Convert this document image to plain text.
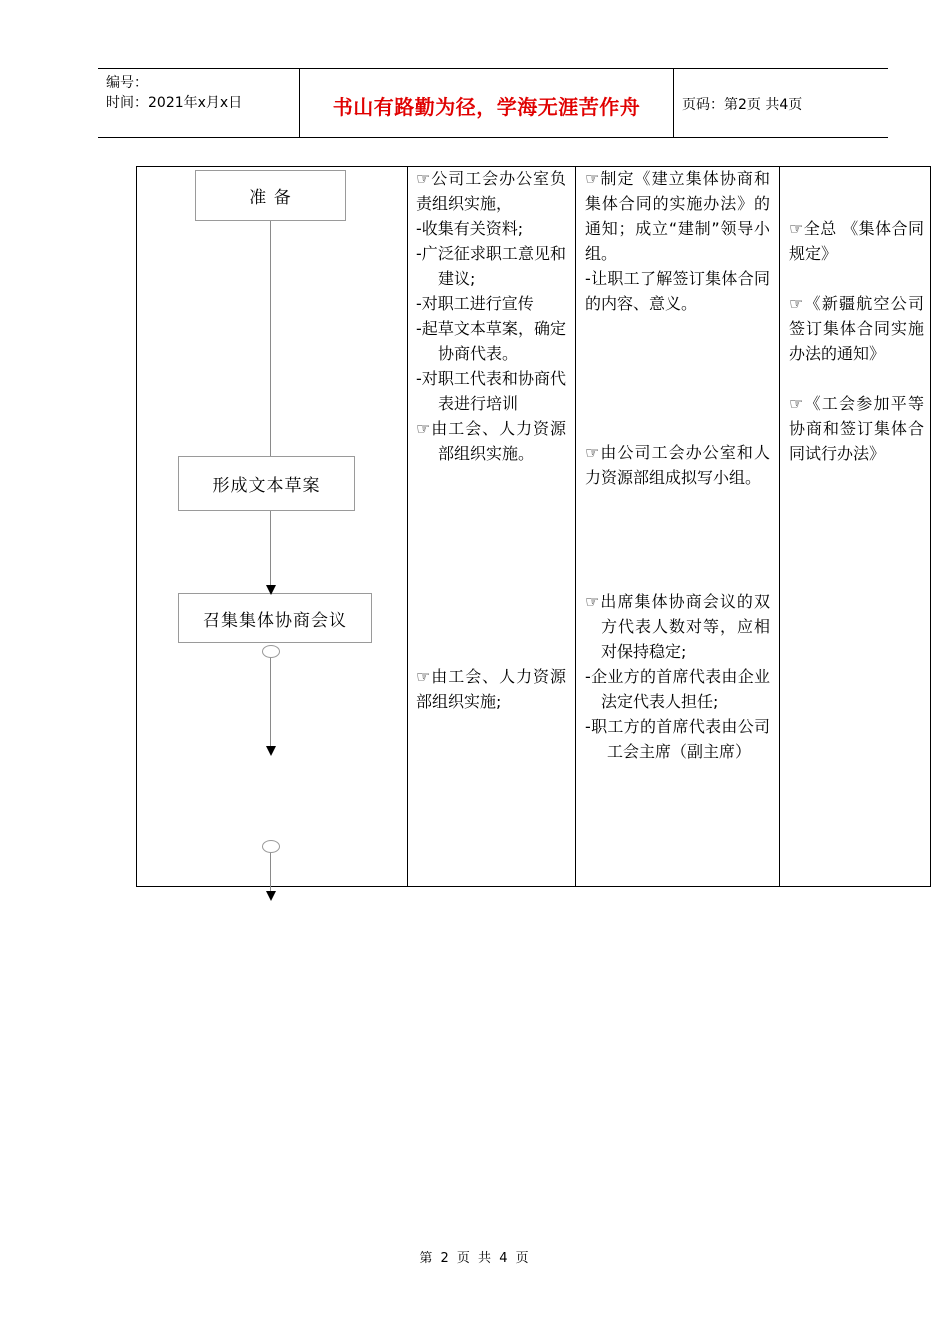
编号：
时间：2021年x月x日	书山有路勤为径，学海无涯苦作舟	页码：第2页 共4页
准 备
形成文本草案
召集集体协商会议

☞公司工会办公室负责组织实施，

-收集有关资料;

-广泛征求职工意见和建议;

-对职工进行宣传

-起草文本草案，确定协商代表。

-对职工代表和协商代表进行培训

☞由工会、人力资源部组织实施。

☞由工会、人力资源部组织实施;

☞制定《建立集体协商和集体合同的实施办法》的通知；成立“建制”领导小组。

-让职工了解签订集体合同的内容、意义。

☞由公司工会办公室和人力资源部组成拟写小组。

☞出席集体协商会议的双方代表人数对等，应相对保持稳定;

-企业方的首席代表由企业法定代表人担任;

-职工方的首席代表由公司工会主席（副主席）

☞全总 《集体合同规定》

☞《新疆航空公司签订集体合同实施办法的通知》

☞《工会参加平等协商和签订集体合同试行办法》

第 2 页 共 4 页
